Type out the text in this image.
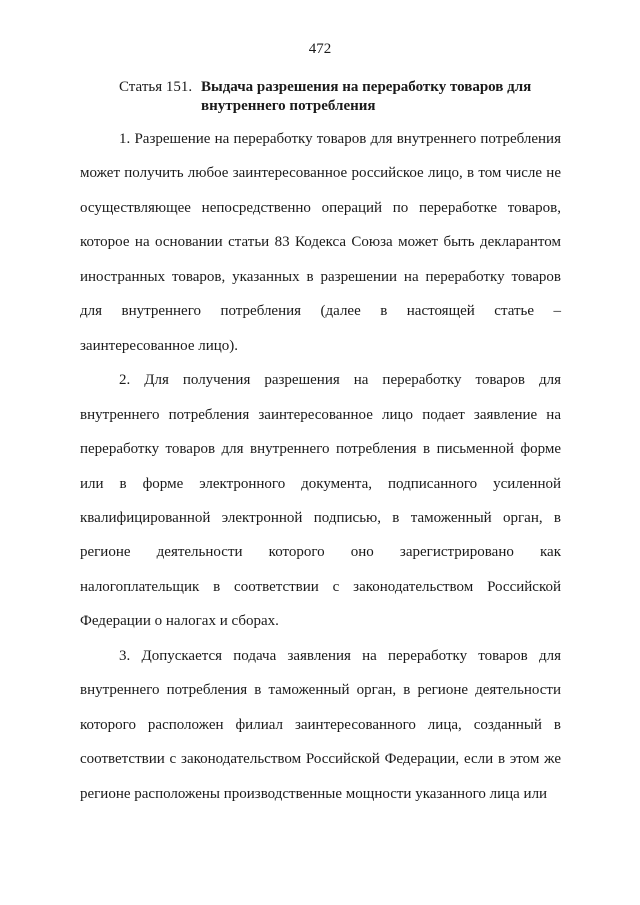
472
Статья 151. Выдача разрешения на переработку товаров для внутреннего потребления

1. Разрешение на переработку товаров для внутреннего потребления может получить любое заинтересованное российское лицо, в том числе не осуществляющее непосредственно операций по переработке товаров, которое на основании статьи 83 Кодекса Союза может быть декларантом иностранных товаров, указанных в разрешении на переработку товаров для внутреннего потребления (далее в настоящей статье – заинтересованное лицо).

2. Для получения разрешения на переработку товаров для внутреннего потребления заинтересованное лицо подает заявление на переработку товаров для внутреннего потребления в письменной форме или в форме электронного документа, подписанного усиленной квалифицированной электронной подписью, в таможенный орган, в регионе деятельности которого оно зарегистрировано как налогоплательщик в соответствии с законодательством Российской Федерации о налогах и сборах.

3. Допускается подача заявления на переработку товаров для внутреннего потребления в таможенный орган, в регионе деятельности которого расположен филиал заинтересованного лица, созданный в соответствии с законодательством Российской Федерации, если в этом же регионе расположены производственные мощности указанного лица или
